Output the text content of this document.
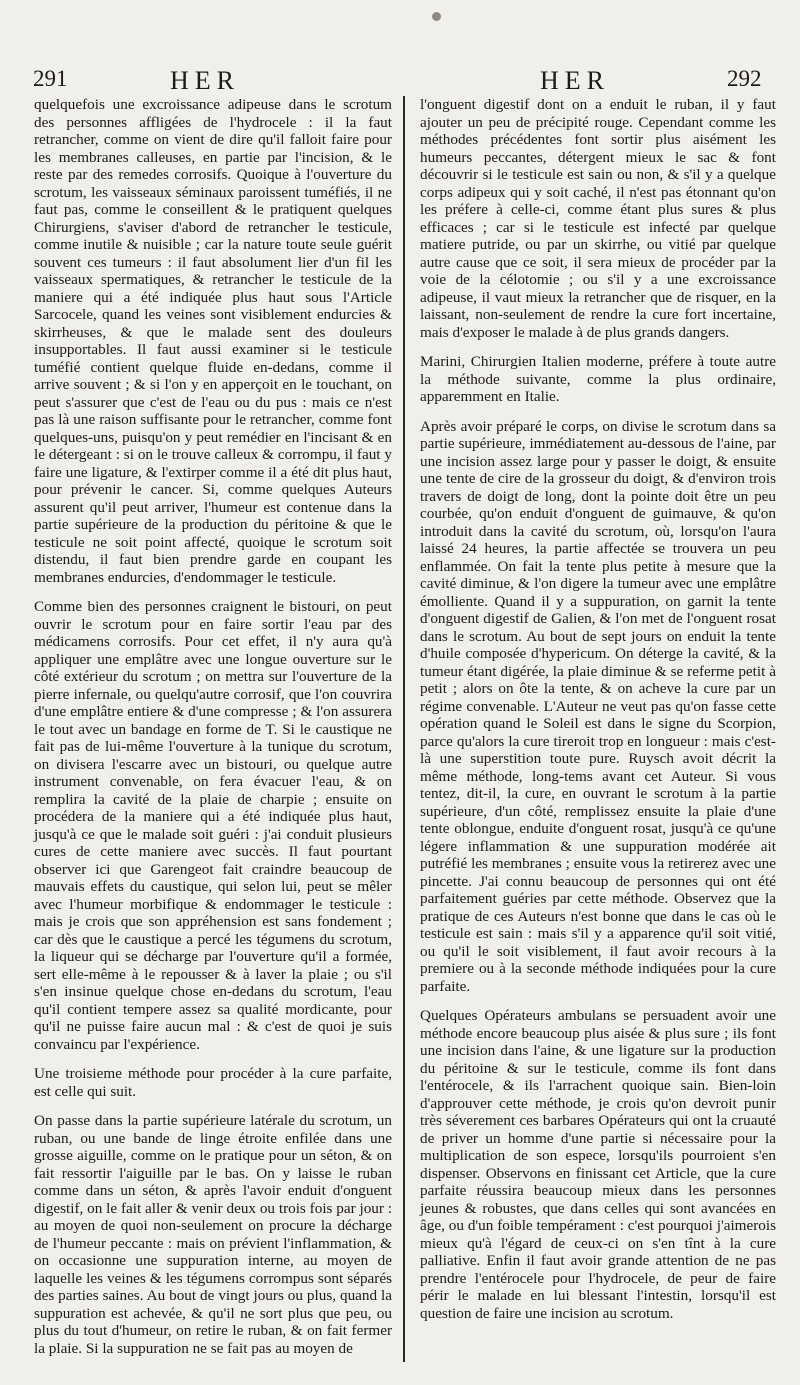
291	HER	HER	292

quelquefois une excroissance adipeuse dans le scrotum des personnes affligées de l'hydrocele : il la faut retrancher, comme on vient de dire qu'il falloit faire pour les membranes calleuses, en partie par l'incision, & le reste par des remedes corrosifs. Quoique à l'ouverture du scrotum, les vaisseaux séminaux paroissent tuméfiés, il ne faut pas, comme le conseillent & le pratiquent quelques Chirurgiens, s'aviser d'abord de retrancher le testicule, comme inutile & nuisible ; car la nature toute seule guérit souvent ces tumeurs : il faut absolument lier d'un fil les vaisseaux spermatiques, & retrancher le testicule de la maniere qui a été indiquée plus haut sous l'Article Sarcocele, quand les veines sont visiblement endurcies & skirrheuses, & que le malade sent des douleurs insupportables. Il faut aussi examiner si le testicule tuméfié contient quelque fluide en-dedans, comme il arrive souvent ; & si l'on y en apperçoit en le touchant, on peut s'assurer que c'est de l'eau ou du pus : mais ce n'est pas là une raison suffisante pour le retrancher, comme font quelques-uns, puisqu'on y peut remédier en l'incisant & en le détergeant : si on le trouve calleux & corrompu, il faut y faire une ligature, & l'extirper comme il a été dit plus haut, pour prévenir le cancer. Si, comme quelques Auteurs assurent qu'il peut arriver, l'humeur est contenue dans la partie supérieure de la production du péritoine & que le testicule ne soit point affecté, quoique le scrotum soit distendu, il faut bien prendre garde en coupant les membranes endurcies, d'endommager le testicule.

Comme bien des personnes craignent le bistouri, on peut ouvrir le scrotum pour en faire sortir l'eau par des médicamens corrosifs. Pour cet effet, il n'y aura qu'à appliquer une emplâtre avec une longue ouverture sur le côté extérieur du scrotum ; on mettra sur l'ouverture de la pierre infernale, ou quelqu'autre corrosif, que l'on couvrira d'une emplâtre entiere & d'une compresse ; & l'on assurera le tout avec un bandage en forme de T. Si le caustique ne fait pas de lui-même l'ouverture à la tunique du scrotum, on divisera l'escarre avec un bistouri, ou quelque autre instrument convenable, on fera évacuer l'eau, & on remplira la cavité de la plaie de charpie ; ensuite on procédera de la maniere qui a été indiquée plus haut, jusqu'à ce que le malade soit guéri : j'ai conduit plusieurs cures de cette maniere avec succès. Il faut pourtant observer ici que Garengeot fait craindre beaucoup de mauvais effets du caustique, qui selon lui, peut se mêler avec l'humeur morbifique & endommager le testicule : mais je crois que son appréhension est sans fondement ; car dès que le caustique a percé les tégumens du scrotum, la liqueur qui se décharge par l'ouverture qu'il a formée, sert elle-même à le repousser & à laver la plaie ; ou s'il s'en insinue quelque chose en-dedans du scrotum, l'eau qu'il contient tempere assez sa qualité mordicante, pour qu'il ne puisse faire aucun mal : & c'est de quoi je suis convaincu par l'expérience.

Une troisieme méthode pour procéder à la cure parfaite, est celle qui suit.

On passe dans la partie supérieure latérale du scrotum, un ruban, ou une bande de linge étroite enfilée dans une grosse aiguille, comme on le pratique pour un séton, & on fait ressortir l'aiguille par le bas. On y laisse le ruban comme dans un séton, & après l'avoir enduit d'onguent digestif, on le fait aller & venir deux ou trois fois par jour : au moyen de quoi non-seulement on procure la décharge de l'humeur peccante : mais on prévient l'inflammation, & on occasionne une suppuration interne, au moyen de laquelle les veines & les tégumens corrompus sont séparés des parties saines. Au bout de vingt jours ou plus, quand la suppuration est achevée, & qu'il ne sort plus que peu, ou plus du tout d'humeur, on retire le ruban, & on fait fermer la plaie. Si la suppuration ne se fait pas au moyen de

l'onguent digestif dont on a enduit le ruban, il y faut ajouter un peu de précipité rouge. Cependant comme les méthodes précédentes font sortir plus aisément les humeurs peccantes, détergent mieux le sac & font découvrir si le testicule est sain ou non, & s'il y a quelque corps adipeux qui y soit caché, il n'est pas étonnant qu'on les préfere à celle-ci, comme étant plus sures & plus efficaces ; car si le testicule est infecté par quelque matiere putride, ou par un skirrhe, ou vitié par quelque autre cause que ce soit, il sera mieux de procéder par la voie de la célotomie ; ou s'il y a une excroissance adipeuse, il vaut mieux la retrancher que de risquer, en la laissant, non-seulement de rendre la cure fort incertaine, mais d'exposer le malade à de plus grands dangers.

Marini, Chirurgien Italien moderne, préfere à toute autre la méthode suivante, comme la plus ordinaire, apparemment en Italie.

Après avoir préparé le corps, on divise le scrotum dans sa partie supérieure, immédiatement au-dessous de l'aine, par une incision assez large pour y passer le doigt, & ensuite une tente de cire de la grosseur du doigt, & d'environ trois travers de doigt de long, dont la pointe doit être un peu courbée, qu'on enduit d'onguent de guimauve, & qu'on introduit dans la cavité du scrotum, où, lorsqu'on l'aura laissé 24 heures, la partie affectée se trouvera un peu enflammée. On fait la tente plus petite à mesure que la cavité diminue, & l'on digere la tumeur avec une emplâtre émolliente. Quand il y a suppuration, on garnit la tente d'onguent digestif de Galien, & l'on met de l'onguent rosat dans le scrotum. Au bout de sept jours on enduit la tente d'huile composée d'hypericum. On déterge la cavité, & la tumeur étant digérée, la plaie diminue & se referme petit à petit ; alors on ôte la tente, & on acheve la cure par un régime convenable. L'Auteur ne veut pas qu'on fasse cette opération quand le Soleil est dans le signe du Scorpion, parce qu'alors la cure tireroit trop en longueur : mais c'est-là une superstition toute pure. Ruysch avoit décrit la même méthode, long-tems avant cet Auteur. Si vous tentez, dit-il, la cure, en ouvrant le scrotum à la partie supérieure, d'un côté, remplissez ensuite la plaie d'une tente oblongue, enduite d'onguent rosat, jusqu'à ce qu'une légere inflammation & une suppuration modérée ait putréfié les membranes ; ensuite vous la retirerez avec une pincette. J'ai connu beaucoup de personnes qui ont été parfaitement guéries par cette méthode. Observez que la pratique de ces Auteurs n'est bonne que dans le cas où le testicule est sain : mais s'il y a apparence qu'il soit vitié, ou qu'il le soit visiblement, il faut avoir recours à la premiere ou à la seconde méthode indiquées pour la cure parfaite.

Quelques Opérateurs ambulans se persuadent avoir une méthode encore beaucoup plus aisée & plus sure ; ils font une incision dans l'aine, & une ligature sur la production du péritoine & sur le testicule, comme ils font dans l'entérocele, & ils l'arrachent quoique sain. Bien-loin d'approuver cette méthode, je crois qu'on devroit punir très séverement ces barbares Opérateurs qui ont la cruauté de priver un homme d'une partie si nécessaire pour la multiplication de son espece, lorsqu'ils pourroient s'en dispenser. Observons en finissant cet Article, que la cure parfaite réussira beaucoup mieux dans les personnes jeunes & robustes, que dans celles qui sont avancées en âge, ou d'un foible tempérament : c'est pourquoi j'aimerois mieux qu'à l'égard de ceux-ci on s'en tînt à la cure palliative. Enfin il faut avoir grande attention de ne pas prendre l'entérocele pour l'hydrocele, de peur de faire périr le malade en lui blessant l'intestin, lorsqu'il est question de faire une incision au scrotum.
